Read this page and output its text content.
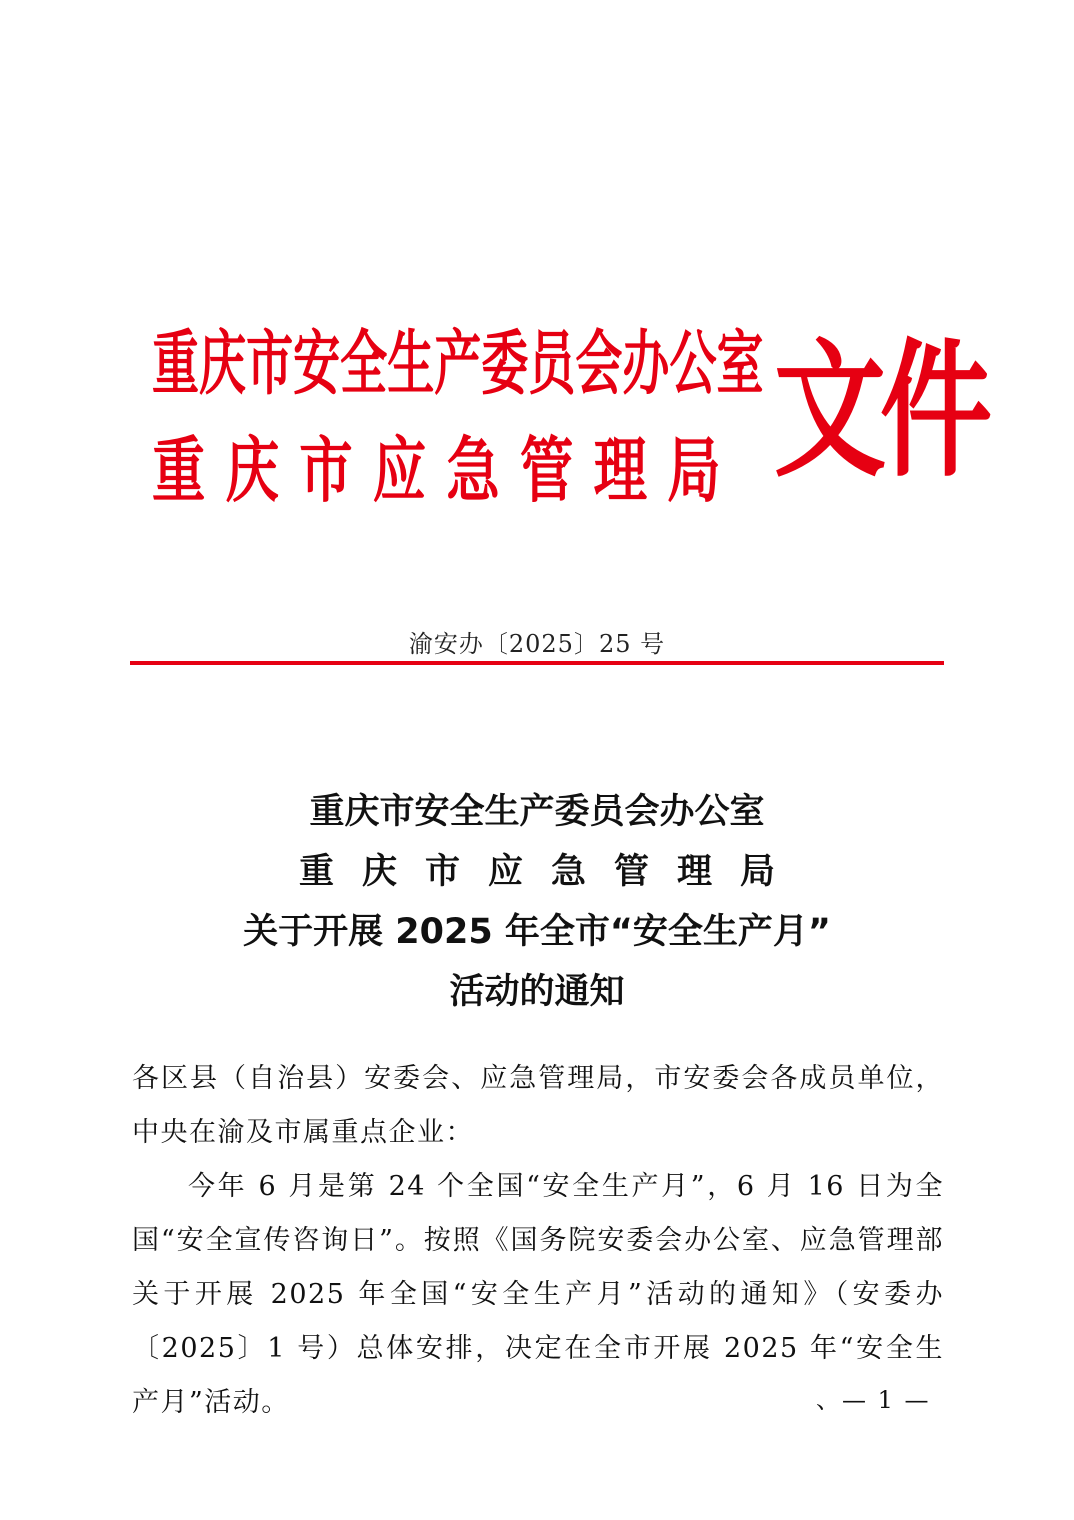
重庆市安全生产委员会办公室
重庆市应急管理局 文件
渝安办〔2025〕25 号
重庆市安全生产委员会办公室
重庆市应急管理局
关于开展 2025 年全市“安全生产月”
活动的通知

各区县（自治县）安委会、应急管理局，市安委会各成员单位，中央在渝及市属重点企业：

今年 6 月是第 24 个全国“安全生产月”，6 月 16 日为全国“安全宣传咨询日”。按照《国务院安委会办公室、应急管理部关于开展 2025 年全国“安全生产月”活动的通知》（安委办〔2025〕1 号）总体安排，决定在全市开展 2025 年“安全生产月”活动。	、— 1 —
